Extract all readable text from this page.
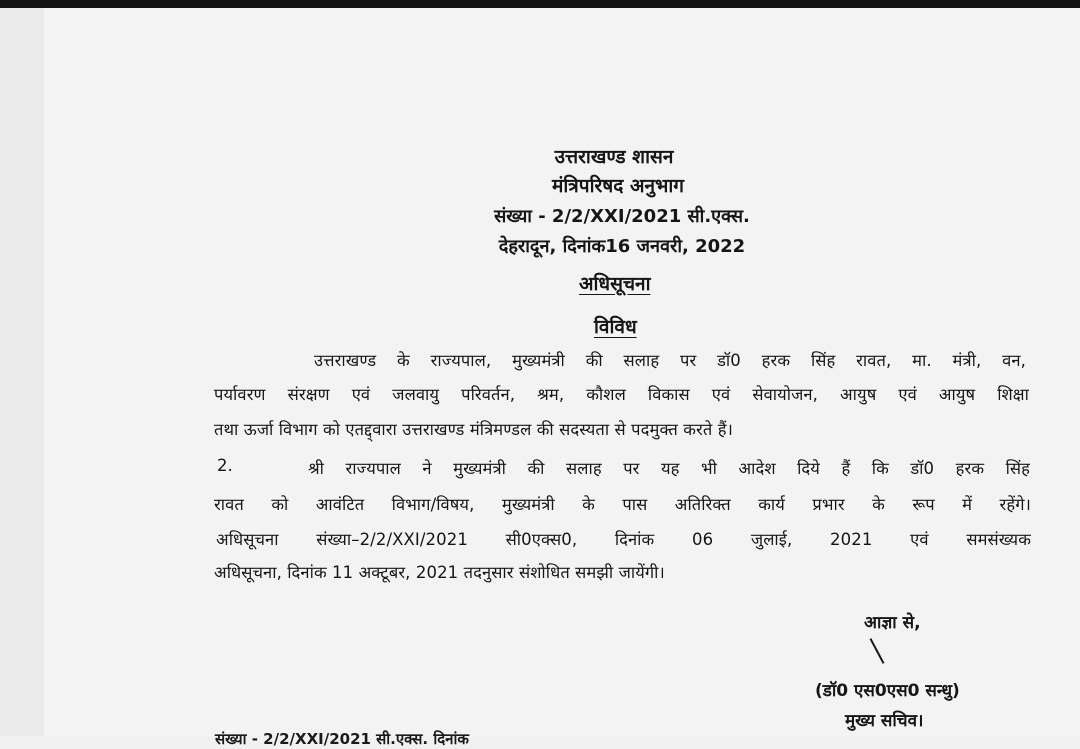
उत्तराखण्ड शासन
मंत्रिपरिषद अनुभाग
संख्या - 2/2/XXI/2021 सी.एक्स.
देहरादून, दिनांक16 जनवरी, 2022
अधिसूचना
विविध
उत्तराखण्ड के राज्यपाल, मुख्यमंत्री की सलाह पर डॉ0 हरक सिंह रावत, मा. मंत्री, वन,
पर्यावरण संरक्षण एवं जलवायु परिवर्तन, श्रम, कौशल विकास एवं सेवायोजन, आयुष एवं आयुष शिक्षा
तथा ऊर्जा विभाग को एतद्द्वारा उत्तराखण्ड मंत्रिमण्डल की सदस्यता से पदमुक्त करते हैं।
2.	श्री राज्यपाल ने मुख्यमंत्री की सलाह पर यह भी आदेश दिये हैं कि डॉ0 हरक सिंह
रावत को आवंटित विभाग/विषय, मुख्यमंत्री के पास अतिरिक्त कार्य प्रभार के रूप में रहेंगे।
अधिसूचना संख्या–2/2/XXI/2021 सी0एक्स0, दिनांक 06 जुलाई, 2021 एवं समसंख्यक
अधिसूचना, दिनांक 11 अक्टूबर, 2021 तदनुसार संशोधित समझी जायेंगी।
आज्ञा से,
(डॉ0 एस0एस0 सन्धु)
मुख्य सचिव।
संख्या - 2/2/XXI/2021 सी.एक्स. दिनांक
